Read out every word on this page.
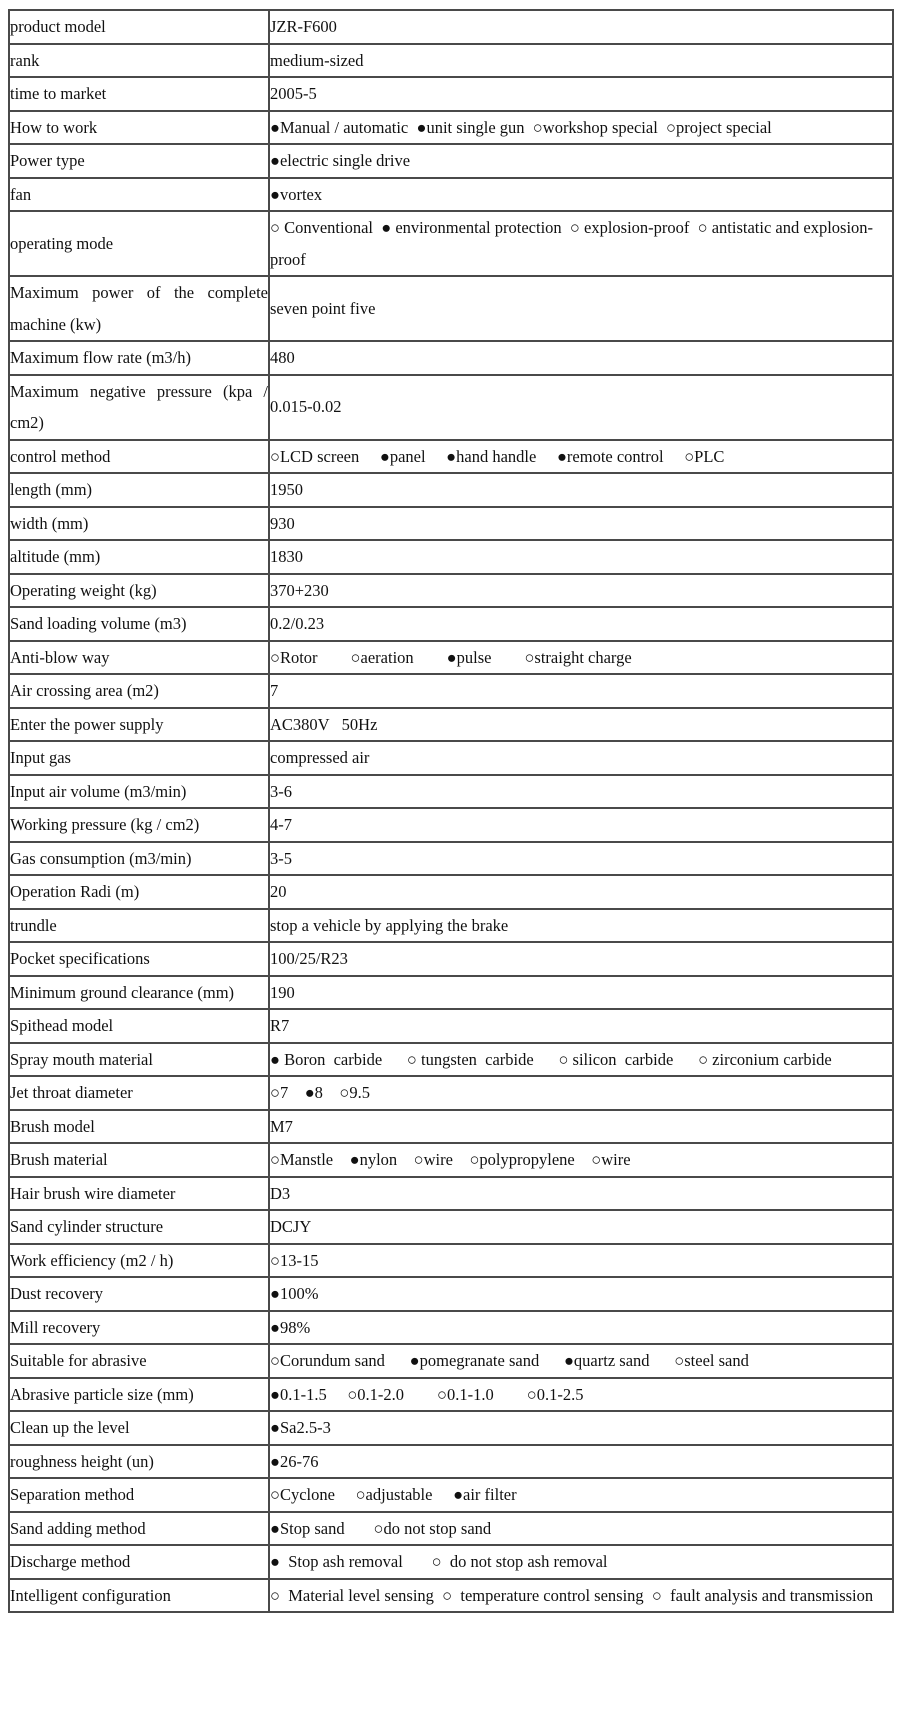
product model	JZR-F600
rank	medium-sized
time to market	2005-5
How to work	●Manual / automatic  ●unit single gun  ○workshop special  ○project special
Power type	●electric single drive
fan	●vortex
operating mode	○ Conventional  ● environmental protection  ○ explosion-proof  ○ antistatic and explosion-proof
Maximum power of the complete machine (kw)	seven point five
Maximum flow rate (m3/h)	480
Maximum negative pressure (kpa / cm2)	0.015-0.02
control method	○LCD screen     ●panel     ●hand handle     ●remote control     ○PLC
length (mm)	1950
width (mm)	930
altitude (mm)	1830
Operating weight (kg)	370+230
Sand loading volume (m3)	0.2/0.23
Anti-blow way	○Rotor        ○aeration        ●pulse        ○straight charge
Air crossing area (m2)	7
Enter the power supply	AC380V   50Hz
Input gas	compressed air
Input air volume (m3/min)	3-6
Working pressure (kg / cm2)	4-7
Gas consumption (m3/min)	3-5
Operation Radi (m)	20
trundle	stop a vehicle by applying the brake
Pocket specifications	100/25/R23
Minimum ground clearance (mm)	190
Spithead model	R7
Spray mouth material	● Boron  carbide      ○ tungsten  carbide      ○ silicon  carbide      ○ zirconium carbide
Jet throat diameter	○7    ●8    ○9.5
Brush model	M7
Brush material	○Manstle    ●nylon    ○wire    ○polypropylene    ○wire
Hair brush wire diameter	D3
Sand cylinder structure	DCJY
Work efficiency (m2 / h)	○13-15
Dust recovery	●100%
Mill recovery	●98%
Suitable for abrasive	○Corundum sand      ●pomegranate sand      ●quartz sand      ○steel sand
Abrasive particle size (mm)	●0.1-1.5     ○0.1-2.0        ○0.1-1.0        ○0.1-2.5
Clean up the level	●Sa2.5-3
roughness height (un)	●26-76
Separation method	○Cyclone     ○adjustable     ●air filter
Sand adding method	●Stop sand       ○do not stop sand
Discharge method	●  Stop ash removal       ○  do not stop ash removal
Intelligent configuration	○  Material level sensing  ○  temperature control sensing  ○  fault analysis and transmission
